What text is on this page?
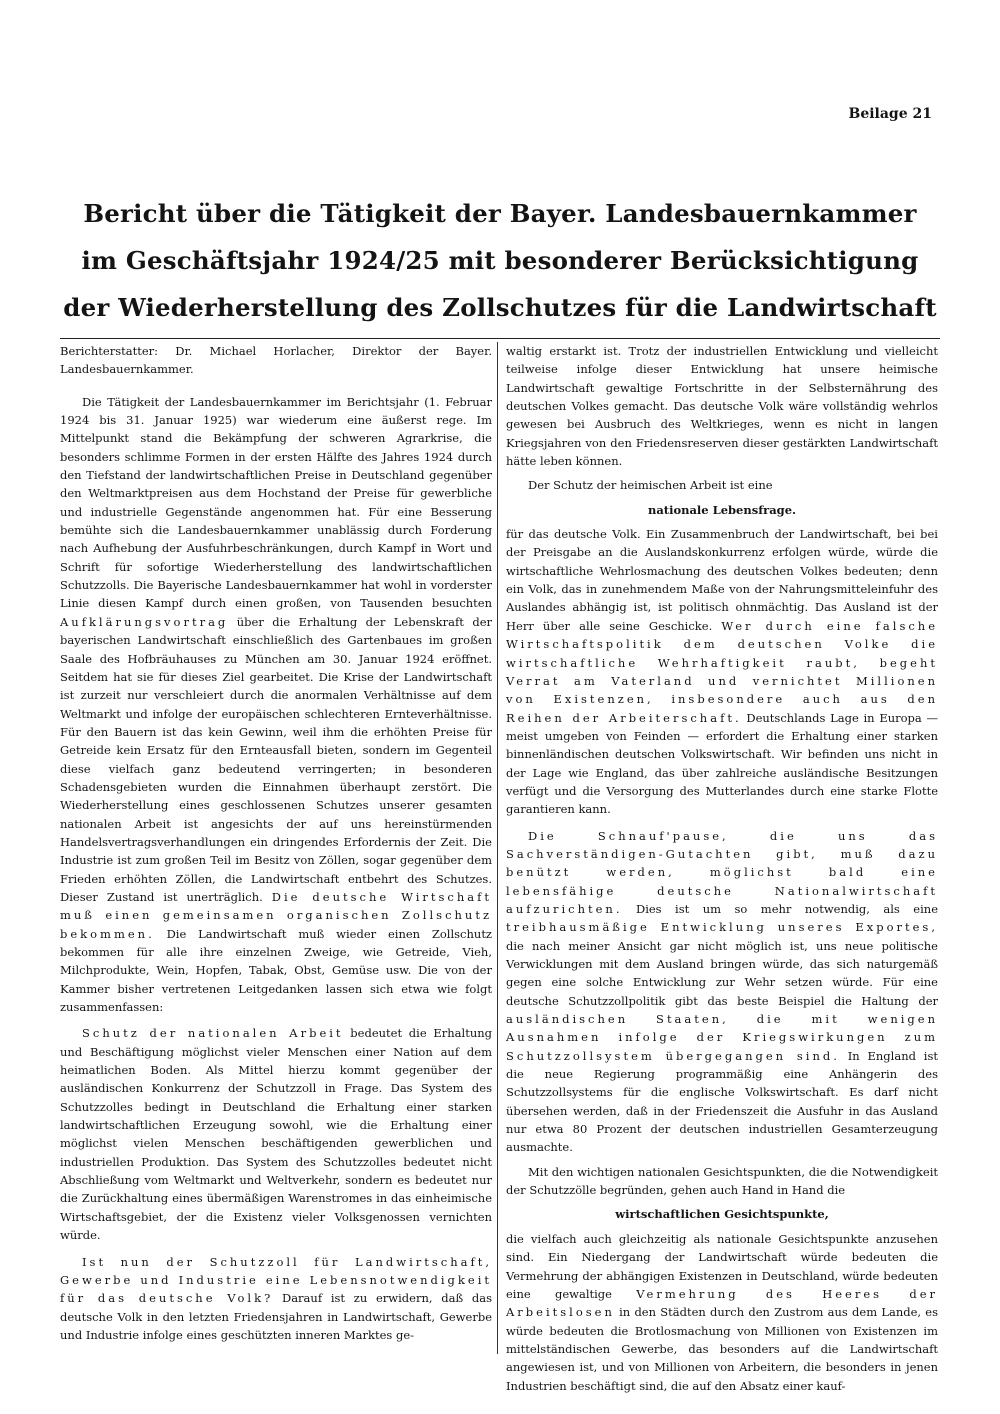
Beilage 21
Bericht über die Tätigkeit der Bayer. Landesbauernkammer
im Geschäftsjahr 1924/25 mit besonderer Berücksichtigung
der Wiederherstellung des Zollschutzes für die Landwirtschaft

Berichterstatter: Dr. Michael Horlacher, Direktor der Bayer. Landesbauernkammer.

Die Tätigkeit der Landesbauernkammer im Berichtsjahr (1. Februar 1924 bis 31. Januar 1925) war wiederum eine äußerst rege. Im Mittelpunkt stand die Bekämpfung der schweren Agrarkrise, die besonders schlimme Formen in der ersten Hälfte des Jahres 1924 durch den Tiefstand der landwirtschaftlichen Preise in Deutschland gegenüber den Weltmarktpreisen aus dem Hochstand der Preise für gewerbliche und industrielle Gegenstände angenommen hat. Für eine Besserung bemühte sich die Landesbauernkammer unablässig durch Forderung nach Aufhebung der Ausfuhrbeschränkungen, durch Kampf in Wort und Schrift für sofortige Wiederherstellung des landwirtschaftlichen Schutzzolls. Die Bayerische Landesbauernkammer hat wohl in vorderster Linie diesen Kampf durch einen großen, von Tausenden besuchten Aufklärungsvortrag über die Erhaltung der Lebenskraft der bayerischen Landwirtschaft einschließlich des Gartenbaues im großen Saale des Hofbräuhauses zu München am 30. Januar 1924 eröffnet. Seitdem hat sie für dieses Ziel gearbeitet. Die Krise der Landwirtschaft ist zurzeit nur verschleiert durch die anormalen Verhältnisse auf dem Weltmarkt und infolge der europäischen schlechteren Ernteverhältnisse. Für den Bauern ist das kein Gewinn, weil ihm die erhöhten Preise für Getreide kein Ersatz für den Ernteausfall bieten, sondern im Gegenteil diese vielfach ganz bedeutend verringerten; in besonderen Schadensgebieten wurden die Einnahmen überhaupt zerstört. Die Wiederherstellung eines geschlossenen Schutzes unserer gesamten nationalen Arbeit ist angesichts der auf uns hereinstürmenden Handelsvertragsverhandlungen ein dringendes Erfordernis der Zeit. Die Industrie ist zum großen Teil im Besitz von Zöllen, sogar gegenüber dem Frieden erhöhten Zöllen, die Landwirtschaft entbehrt des Schutzes. Dieser Zustand ist unerträglich. Die deutsche Wirtschaft muß einen gemeinsamen organischen Zollschutz bekommen. Die Landwirtschaft muß wieder einen Zollschutz bekommen für alle ihre einzelnen Zweige, wie Getreide, Vieh, Milchprodukte, Wein, Hopfen, Tabak, Obst, Gemüse usw. Die von der Kammer bisher vertretenen Leitgedanken lassen sich etwa wie folgt zusammenfassen:

Schutz der nationalen Arbeit bedeutet die Erhaltung und Beschäftigung möglichst vieler Menschen einer Nation auf dem heimatlichen Boden. Als Mittel hierzu kommt gegenüber der ausländischen Konkurrenz der Schutzzoll in Frage. Das System des Schutzzolles bedingt in Deutschland die Erhaltung einer starken landwirtschaftlichen Erzeugung sowohl, wie die Erhaltung einer möglichst vielen Menschen beschäftigenden gewerblichen und industriellen Produktion. Das System des Schutzzolles bedeutet nicht Abschließung vom Weltmarkt und Weltverkehr, sondern es bedeutet nur die Zurückhaltung eines übermäßigen Warenstromes in das einheimische Wirtschaftsgebiet, der die Existenz vieler Volksgenossen vernichten würde.

Ist nun der Schutzzoll für Landwirtschaft, Gewerbe und Industrie eine Lebensnotwendigkeit für das deutsche Volk? Darauf ist zu erwidern, daß das deutsche Volk in den letzten Friedensjahren in Landwirtschaft, Gewerbe und Industrie infolge eines geschützten inneren Marktes ge-

waltig erstarkt ist. Trotz der industriellen Entwicklung und vielleicht teilweise infolge dieser Entwicklung hat unsere heimische Landwirtschaft gewaltige Fortschritte in der Selbsternährung des deutschen Volkes gemacht. Das deutsche Volk wäre vollständig wehrlos gewesen bei Ausbruch des Weltkrieges, wenn es nicht in langen Kriegsjahren von den Friedensreserven dieser gestärkten Landwirtschaft hätte leben können.

Der Schutz der heimischen Arbeit ist eine

nationale Lebensfrage.

für das deutsche Volk. Ein Zusammenbruch der Landwirtschaft, bei bei der Preisgabe an die Auslandskonkurrenz erfolgen würde, würde die wirtschaftliche Wehrlosmachung des deutschen Volkes bedeuten; denn ein Volk, das in zunehmendem Maße von der Nahrungsmitteleinfuhr des Auslandes abhängig ist, ist politisch ohnmächtig. Das Ausland ist der Herr über alle seine Geschicke. Wer durch eine falsche Wirtschaftspolitik dem deutschen Volke die wirtschaftliche Wehrhaftigkeit raubt, begeht Verrat am Vaterland und vernichtet Millionen von Existenzen, insbesondere auch aus den Reihen der Arbeiterschaft. Deutschlands Lage in Europa — meist umgeben von Feinden — erfordert die Erhaltung einer starken binnenländischen deutschen Volkswirtschaft. Wir befinden uns nicht in der Lage wie England, das über zahlreiche ausländische Besitzungen verfügt und die Versorgung des Mutterlandes durch eine starke Flotte garantieren kann.

Die Schnauf'pause, die uns das Sachverständigen-Gutachten gibt, muß dazu benützt werden, möglichst bald eine lebensfähige deutsche Nationalwirtschaft aufzurichten. Dies ist um so mehr notwendig, als eine treibhausmäßige Entwicklung unseres Exportes, die nach meiner Ansicht gar nicht möglich ist, uns neue politische Verwicklungen mit dem Ausland bringen würde, das sich naturgemäß gegen eine solche Entwicklung zur Wehr setzen würde. Für eine deutsche Schutzzollpolitik gibt das beste Beispiel die Haltung der ausländischen Staaten, die mit wenigen Ausnahmen infolge der Kriegswirkungen zum Schutzzollsystem übergegangen sind. In England ist die neue Regierung programmäßig eine Anhängerin des Schutzzollsystems für die englische Volkswirtschaft. Es darf nicht übersehen werden, daß in der Friedenszeit die Ausfuhr in das Ausland nur etwa 80 Prozent der deutschen industriellen Gesamterzeugung ausmachte.

Mit den wichtigen nationalen Gesichtspunkten, die die Notwendigkeit der Schutzzölle begründen, gehen auch Hand in Hand die

wirtschaftlichen Gesichtspunkte,

die vielfach auch gleichzeitig als nationale Gesichtspunkte anzusehen sind. Ein Niedergang der Landwirtschaft würde bedeuten die Vermehrung der abhängigen Existenzen in Deutschland, würde bedeuten eine gewaltige Vermehrung des Heeres der Arbeitslosen in den Städten durch den Zustrom aus dem Lande, es würde bedeuten die Brotlosmachung von Millionen von Existenzen im mittelständischen Gewerbe, das besonders auf die Landwirtschaft angewiesen ist, und von Millionen von Arbeitern, die besonders in jenen Industrien beschäftigt sind, die auf den Absatz einer kauf-
